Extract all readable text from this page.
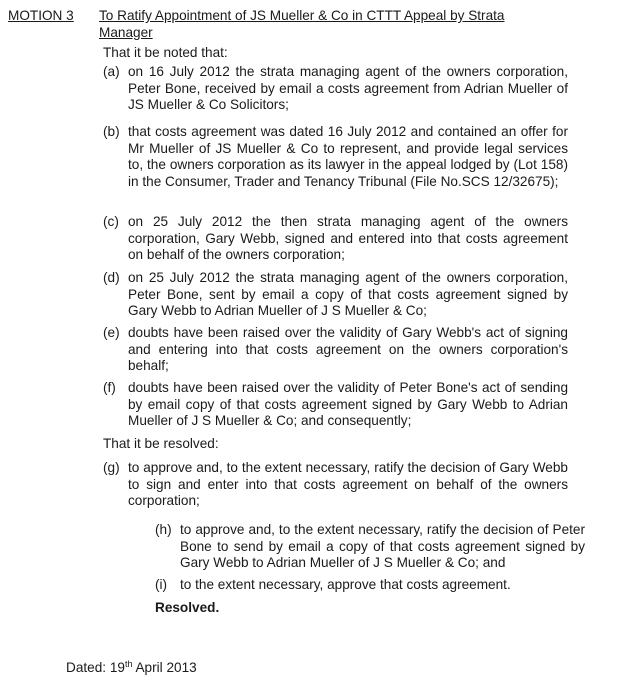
MOTION 3 To Ratify Appointment of JS Mueller & Co in CTTT Appeal by Strata Manager
That it be noted that:
(a) on 16 July 2012 the strata managing agent of the owners corporation, Peter Bone, received by email a costs agreement from Adrian Mueller of JS Mueller & Co Solicitors;
(b) that costs agreement was dated 16 July 2012 and contained an offer for Mr Mueller of JS Mueller & Co to represent, and provide legal services to, the owners corporation as its lawyer in the appeal lodged by (Lot 158) in the Consumer, Trader and Tenancy Tribunal (File No.SCS 12/32675);
(c) on 25 July 2012 the then strata managing agent of the owners corporation, Gary Webb, signed and entered into that costs agreement on behalf of the owners corporation;
(d) on 25 July 2012 the strata managing agent of the owners corporation, Peter Bone, sent by email a copy of that costs agreement signed by Gary Webb to Adrian Mueller of J S Mueller & Co;
(e) doubts have been raised over the validity of Gary Webb's act of signing and entering into that costs agreement on the owners corporation's behalf;
(f) doubts have been raised over the validity of Peter Bone's act of sending by email copy of that costs agreement signed by Gary Webb to Adrian Mueller of J S Mueller & Co; and consequently;
That it be resolved:
(g) to approve and, to the extent necessary, ratify the decision of Gary Webb to sign and enter into that costs agreement on behalf of the owners corporation;
(h) to approve and, to the extent necessary, ratify the decision of Peter Bone to send by email a copy of that costs agreement signed by Gary Webb to Adrian Mueller of J S Mueller & Co; and
(i) to the extent necessary, approve that costs agreement.
Resolved.
Dated: 19th April 2013
